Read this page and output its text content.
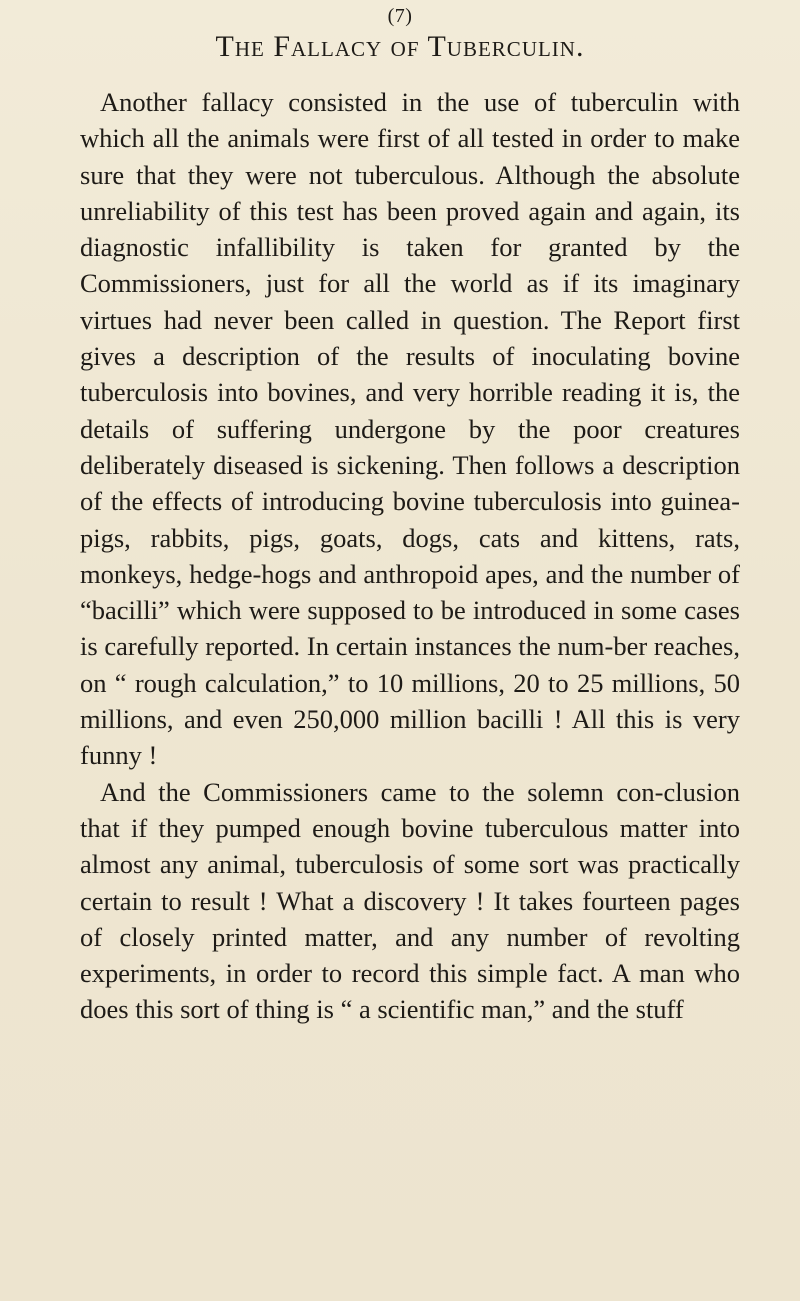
(7)
The Fallacy of Tuberculin.

Another fallacy consisted in the use of tuberculin with which all the animals were first of all tested in order to make sure that they were not tuberculous. Although the absolute unreliability of this test has been proved again and again, its diagnostic infallibility is taken for granted by the Commissioners, just for all the world as if its imaginary virtues had never been called in question. The Report first gives a description of the results of inoculating bovine tuberculosis into bovines, and very horrible reading it is, the details of suffering undergone by the poor creatures deliberately diseased is sickening. Then follows a description of the effects of introducing bovine tuberculosis into guinea-pigs, rabbits, pigs, goats, dogs, cats and kittens, rats, monkeys, hedge-hogs and anthropoid apes, and the number of “bacilli” which were supposed to be introduced in some cases is carefully reported. In certain instances the num-ber reaches, on “ rough calculation,” to 10 millions, 20 to 25 millions, 50 millions, and even 250,000 million bacilli ! All this is very funny !

And the Commissioners came to the solemn con-clusion that if they pumped enough bovine tuberculous matter into almost any animal, tuberculosis of some sort was practically certain to result ! What a discovery ! It takes fourteen pages of closely printed matter, and any number of revolting experiments, in order to record this simple fact. A man who does this sort of thing is “ a scientific man,” and the stuff
